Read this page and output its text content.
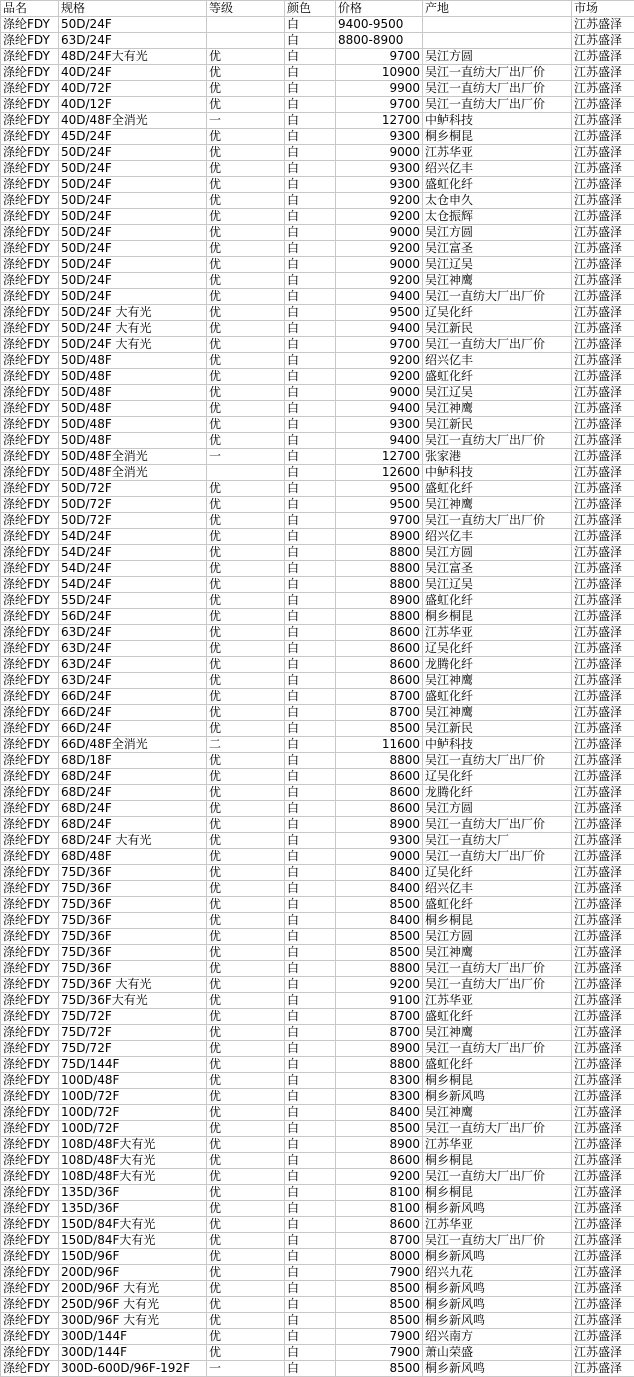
品名	规格	等级	颜色	价格	产地	市场
涤纶FDY	50D/24F		白	9400-9500		江苏盛泽
涤纶FDY	63D/24F		白	8800-8900		江苏盛泽
涤纶FDY	48D/24F大有光	优	白	9700	吴江方圆	江苏盛泽
涤纶FDY	40D/24F	优	白	10900	吴江一直纺大厂出厂价	江苏盛泽
涤纶FDY	40D/72F	优	白	9900	吴江一直纺大厂出厂价	江苏盛泽
涤纶FDY	40D/12F	优	白	9700	吴江一直纺大厂出厂价	江苏盛泽
涤纶FDY	40D/48F全消光	一	白	12700	中鲈科技	江苏盛泽
涤纶FDY	45D/24F	优	白	9300	桐乡桐昆	江苏盛泽
涤纶FDY	50D/24F	优	白	9000	江苏华亚	江苏盛泽
涤纶FDY	50D/24F	优	白	9300	绍兴亿丰	江苏盛泽
涤纶FDY	50D/24F	优	白	9300	盛虹化纤	江苏盛泽
涤纶FDY	50D/24F	优	白	9200	太仓申久	江苏盛泽
涤纶FDY	50D/24F	优	白	9200	太仓振辉	江苏盛泽
涤纶FDY	50D/24F	优	白	9000	吴江方圆	江苏盛泽
涤纶FDY	50D/24F	优	白	9200	吴江富圣	江苏盛泽
涤纶FDY	50D/24F	优	白	9000	吴江辽吴	江苏盛泽
涤纶FDY	50D/24F	优	白	9200	吴江神鹰	江苏盛泽
涤纶FDY	50D/24F	优	白	9400	吴江一直纺大厂出厂价	江苏盛泽
涤纶FDY	50D/24F 大有光	优	白	9500	辽吴化纤	江苏盛泽
涤纶FDY	50D/24F 大有光	优	白	9400	吴江新民	江苏盛泽
涤纶FDY	50D/24F 大有光	优	白	9700	吴江一直纺大厂出厂价	江苏盛泽
涤纶FDY	50D/48F	优	白	9200	绍兴亿丰	江苏盛泽
涤纶FDY	50D/48F	优	白	9200	盛虹化纤	江苏盛泽
涤纶FDY	50D/48F	优	白	9000	吴江辽吴	江苏盛泽
涤纶FDY	50D/48F	优	白	9400	吴江神鹰	江苏盛泽
涤纶FDY	50D/48F	优	白	9300	吴江新民	江苏盛泽
涤纶FDY	50D/48F	优	白	9400	吴江一直纺大厂出厂价	江苏盛泽
涤纶FDY	50D/48F全消光	一	白	12700	张家港	江苏盛泽
涤纶FDY	50D/48F全消光		白	12600	中鲈科技	江苏盛泽
涤纶FDY	50D/72F	优	白	9500	盛虹化纤	江苏盛泽
涤纶FDY	50D/72F	优	白	9500	吴江神鹰	江苏盛泽
涤纶FDY	50D/72F	优	白	9700	吴江一直纺大厂出厂价	江苏盛泽
涤纶FDY	54D/24F	优	白	8900	绍兴亿丰	江苏盛泽
涤纶FDY	54D/24F	优	白	8800	吴江方圆	江苏盛泽
涤纶FDY	54D/24F	优	白	8800	吴江富圣	江苏盛泽
涤纶FDY	54D/24F	优	白	8800	吴江辽吴	江苏盛泽
涤纶FDY	55D/24F	优	白	8900	盛虹化纤	江苏盛泽
涤纶FDY	56D/24F	优	白	8800	桐乡桐昆	江苏盛泽
涤纶FDY	63D/24F	优	白	8600	江苏华亚	江苏盛泽
涤纶FDY	63D/24F	优	白	8600	辽吴化纤	江苏盛泽
涤纶FDY	63D/24F	优	白	8600	龙腾化纤	江苏盛泽
涤纶FDY	63D/24F	优	白	8600	吴江神鹰	江苏盛泽
涤纶FDY	66D/24F	优	白	8700	盛虹化纤	江苏盛泽
涤纶FDY	66D/24F	优	白	8700	吴江神鹰	江苏盛泽
涤纶FDY	66D/24F	优	白	8500	吴江新民	江苏盛泽
涤纶FDY	66D/48F全消光	二	白	11600	中鲈科技	江苏盛泽
涤纶FDY	68D/18F	优	白	8800	吴江一直纺大厂出厂价	江苏盛泽
涤纶FDY	68D/24F	优	白	8600	辽吴化纤	江苏盛泽
涤纶FDY	68D/24F	优	白	8600	龙腾化纤	江苏盛泽
涤纶FDY	68D/24F	优	白	8600	吴江方圆	江苏盛泽
涤纶FDY	68D/24F	优	白	8900	吴江一直纺大厂出厂价	江苏盛泽
涤纶FDY	68D/24F 大有光	优	白	9300	吴江一直纺大厂	江苏盛泽
涤纶FDY	68D/48F	优	白	9000	吴江一直纺大厂出厂价	江苏盛泽
涤纶FDY	75D/36F	优	白	8400	辽吴化纤	江苏盛泽
涤纶FDY	75D/36F	优	白	8400	绍兴亿丰	江苏盛泽
涤纶FDY	75D/36F	优	白	8500	盛虹化纤	江苏盛泽
涤纶FDY	75D/36F	优	白	8400	桐乡桐昆	江苏盛泽
涤纶FDY	75D/36F	优	白	8500	吴江方圆	江苏盛泽
涤纶FDY	75D/36F	优	白	8500	吴江神鹰	江苏盛泽
涤纶FDY	75D/36F	优	白	8800	吴江一直纺大厂出厂价	江苏盛泽
涤纶FDY	75D/36F 大有光	优	白	9200	吴江一直纺大厂出厂价	江苏盛泽
涤纶FDY	75D/36F大有光	优	白	9100	江苏华亚	江苏盛泽
涤纶FDY	75D/72F	优	白	8700	盛虹化纤	江苏盛泽
涤纶FDY	75D/72F	优	白	8700	吴江神鹰	江苏盛泽
涤纶FDY	75D/72F	优	白	8900	吴江一直纺大厂出厂价	江苏盛泽
涤纶FDY	75D/144F	优	白	8800	盛虹化纤	江苏盛泽
涤纶FDY	100D/48F	优	白	8300	桐乡桐昆	江苏盛泽
涤纶FDY	100D/72F	优	白	8300	桐乡新风鸣	江苏盛泽
涤纶FDY	100D/72F	优	白	8400	吴江神鹰	江苏盛泽
涤纶FDY	100D/72F	优	白	8500	吴江一直纺大厂出厂价	江苏盛泽
涤纶FDY	108D/48F大有光	优	白	8900	江苏华亚	江苏盛泽
涤纶FDY	108D/48F大有光	优	白	8600	桐乡桐昆	江苏盛泽
涤纶FDY	108D/48F大有光	优	白	9200	吴江一直纺大厂出厂价	江苏盛泽
涤纶FDY	135D/36F	优	白	8100	桐乡桐昆	江苏盛泽
涤纶FDY	135D/36F	优	白	8100	桐乡新风鸣	江苏盛泽
涤纶FDY	150D/84F大有光	优	白	8600	江苏华亚	江苏盛泽
涤纶FDY	150D/84F大有光	优	白	8700	吴江一直纺大厂出厂价	江苏盛泽
涤纶FDY	150D/96F	优	白	8000	桐乡新风鸣	江苏盛泽
涤纶FDY	200D/96F	优	白	7900	绍兴九花	江苏盛泽
涤纶FDY	200D/96F 大有光	优	白	8500	桐乡新风鸣	江苏盛泽
涤纶FDY	250D/96F 大有光	优	白	8500	桐乡新风鸣	江苏盛泽
涤纶FDY	300D/96F 大有光	优	白	8500	桐乡新风鸣	江苏盛泽
涤纶FDY	300D/144F	优	白	7900	绍兴南方	江苏盛泽
涤纶FDY	300D/144F	优	白	7900	萧山荣盛	江苏盛泽
涤纶FDY	300D-600D/96F-192F	一	白	8500	桐乡新风鸣	江苏盛泽
